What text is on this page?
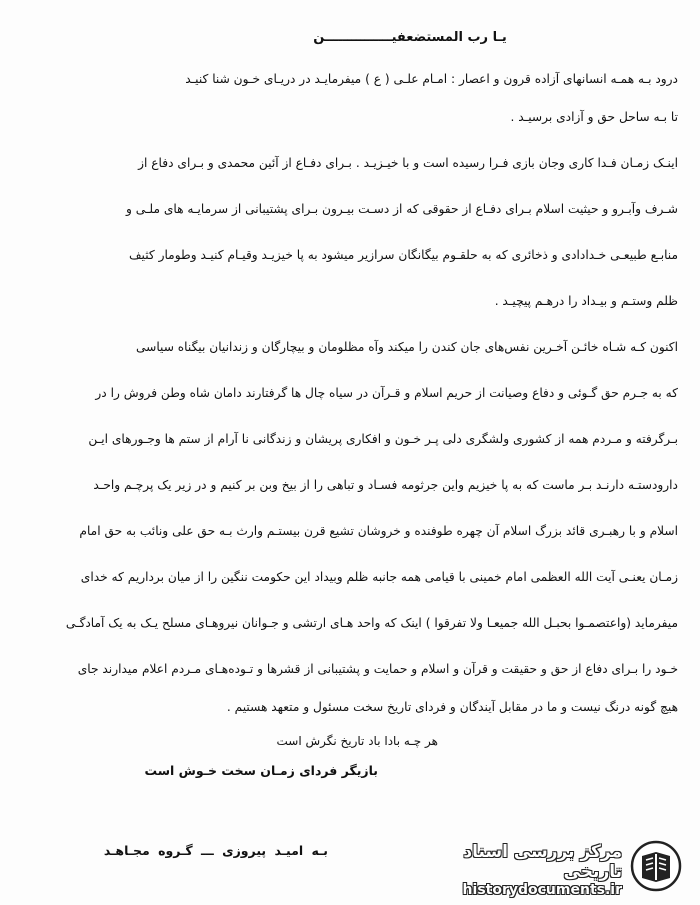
یـا رب المستضعفیـــــــــــــــن
درود بـه همـه انسانهای آزاده قرون و اعصار : امـام علـی ( ع ) میفرمایـد در دریـای خـون شنا کنیـد
تا بـه ساحل حق و آزادی برسیـد .
اینـک زمـان فـدا کاری وجان بازی فـرا رسیده است و با خیـزیـد . بـرای دفـاع از آئین محمدی و بـرای دفاع از
شـرف وآبـرو و حیثیت اسلام بـرای دفـاع از حقوقی که از دسـت بیـرون بـرای پشتیبانی از سرمایـه های ملـی و
منابـع طبیعـی خـدادادی و ذخائری که به حلقـوم بیگانگان سرازیر میشود به پا خیزیـد وقیـام کنیـد وطومار کثیف
ظلم وستـم و بیـداد را درهـم پیچیـد .
اکنون کـه شـاه خائـن آخـرین نفس‌های جان کندن را میکند وآه مظلومان و بیچارگان و زندانیان بیگناه سیاسی
که به جـرم حق گـوئی و دفاع وصیانت از حریم اسلام و قـرآن در سیاه چال ها گرفتارند دامان شاه وطن فروش را در
بـرگرفته و مـردم همه از کشوری ولشگری دلی پـر خـون و افکاری پریشان و زندگانی نا آرام از ستم ها وجـورهای ایـن
دارودستـه دارنـد بـر ماست که به پا خیزیم واین جرثومه فسـاد و تباهی را از بیخ وبن بر کنیم و در زیر یک پرچـم واحـد
اسلام و با رهبـری قائد بزرگ اسلام آن چهره طوفنده و خروشان تشیع قرن بیستـم وارث بـه حق علی ونائب به حق امام
زمـان یعنـی آیت الله العظمی امام خمینی با قیامی همه جانبه ظلم وبیداد این حکومت ننگین را از میان برداریم که خدای
میفرماید (واعتصمـوا بحبـل الله جمیعـا ولا تفرقوا ) اینک که واحد هـای ارتشی و جـوانان نیروهـای مسلح یـک به یک آمادگـی
خـود را بـرای دفاع از حق و حقیقت و قرآن و اسلام و حمایت و پشتیبانی از قشرها و تـوده‌هـای مـردم اعلام میدارند جای
هیچ گونه درنگ نیست و ما در مقابل آیندگان و فردای تاریخ سخت مسئول و متعهد هستیم .
هر چـه بادا باد تاریخ نگرش است
بازیگر فردای زمـان سخت خـوش است
بـه امیـد پیروزی ـــ گـروه مجـاهـد	مرکز بررسی اسناد تاریخی
historydocuments.ir
